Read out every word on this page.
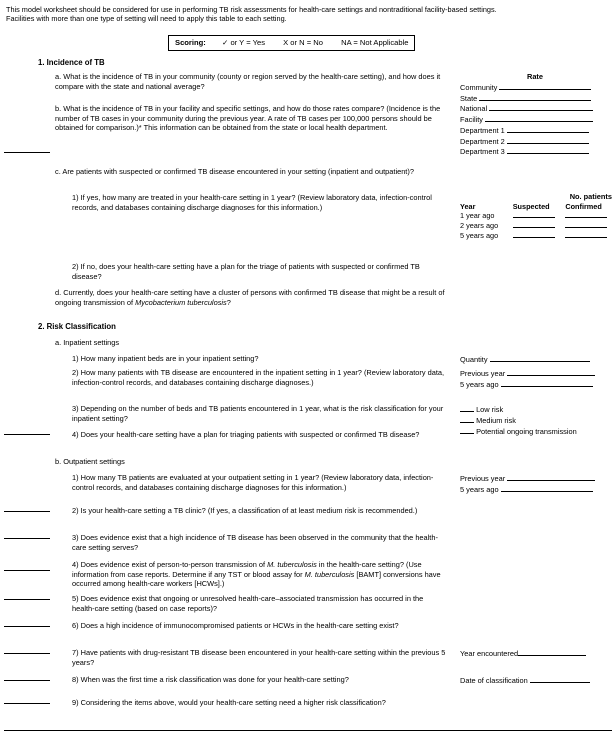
This model worksheet should be considered for use in performing TB risk assessments for health-care settings and nontraditional facility-based settings.
Facilities with more than one type of setting will need to apply this table to each setting.
Scoring: ✓ or Y = Yes X or N = No NA = Not Applicable
1. Incidence of TB
a. What is the incidence of TB in your community (county or region served by the health-care setting), and how does it compare with the state and national average?
Rate
Community
State
National
Facility
Department 1
Department 2
Department 3
b. What is the incidence of TB in your facility and specific settings, and how do those rates compare? (Incidence is the number of TB cases in your community during the previous year. A rate of TB cases per 100,000 persons should be obtained for comparison.)* This information can be obtained from the state or local health department.
c. Are patients with suspected or confirmed TB disease encountered in your setting (inpatient and outpatient)?
1) If yes, how many are treated in your health-care setting in 1 year? (Review laboratory data, infection-control records, and databases containing discharge diagnoses for this information.)
No. patients
Year	Suspected	Confirmed
1 year ago		
2 years ago		
5 years ago		
2) If no, does your health-care setting have a plan for the triage of patients with suspected or confirmed TB disease?
d. Currently, does your health-care setting have a cluster of persons with confirmed TB disease that might be a result of ongoing transmission of Mycobacterium tuberculosis?
2. Risk Classification
a. Inpatient settings
1) How many inpatient beds are in your inpatient setting?	Quantity
2) How many patients with TB disease are encountered in the inpatient setting in 1 year? (Review laboratory data, infection-control records, and databases containing discharge diagnoses.)
Previous year
5 years ago
3) Depending on the number of beds and TB patients encountered in 1 year, what is the risk classification for your inpatient setting?
Low risk
Medium risk
Potential ongoing transmission
4) Does your health-care setting have a plan for triaging patients with suspected or confirmed TB disease?
b. Outpatient settings
1) How many TB patients are evaluated at your outpatient setting in 1 year? (Review laboratory data, infection-control records, and databases containing discharge diagnoses for this information.)
Previous year
5 years ago
2) Is your health-care setting a TB clinic? (If yes, a classification of at least medium risk is recommended.)
3) Does evidence exist that a high incidence of TB disease has been observed in the community that the health-care setting serves?
4) Does evidence exist of person-to-person transmission of M. tuberculosis in the health-care setting? (Use information from case reports. Determine if any TST or blood assay for M. tuberculosis [BAMT] conversions have occurred among health-care workers [HCWs].)
5) Does evidence exist that ongoing or unresolved health-care–associated transmission has occurred in the health-care setting (based on case reports)?
6) Does a high incidence of immunocompromised patients or HCWs in the health-care setting exist?
7) Have patients with drug-resistant TB disease been encountered in your health-care setting within the previous 5 years?
Year encountered
8) When was the first time a risk classification was done for your health-care setting?	Date of classification
9) Considering the items above, would your health-care setting need a higher risk classification?
